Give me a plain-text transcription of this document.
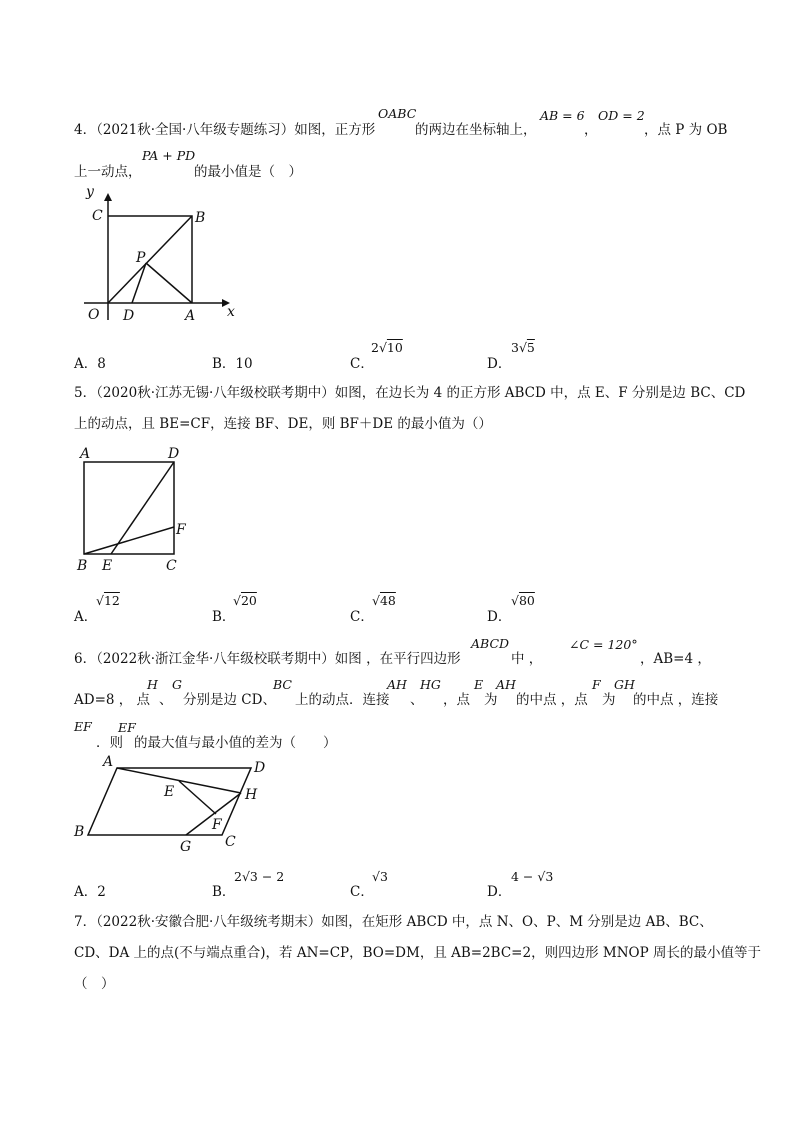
4．（2021秋·全国·八年级专题练习）如图，正方形
OABC
的两边在坐标轴上，
AB = 6
，
OD = 2
，点 P 为 OB
上一动点，
PA + PD
的最小值是（　）
y
C	B
P
O D	A x
A．8	B．10	C．
2√10
D．
3√5
5．（2020秋·江苏无锡·八年级校联考期中）如图，在边长为 4 的正方形 ABCD 中，点 E、F 分别是边 BC、CD
上的动点，且 BE=CF，连接 BF、DE，则 BF＋DE 的最小值为（）
A	D
F
B E	C
A．
√12
B．
√20
C．
√48
D．
√80
6．（2022秋·浙江金华·八年级校联考期中）如图 ，在平行四边形
ABCD
中 ，
∠C = 120°
，AB=4 ，
AD=8 ， 点
H
、
G
分别是边 CD、
BC
上的动点．连接
AH
、
HG
，点
E
为
AH
的中点 ，点
F
为
GH
的中点 ，连接
EF
．则
EF
的最大值与最小值的差为（　　）
A	D
E	H
F
B
G C
A．2	B．
2√3 − 2
C．
√3
D．
4 − √3
7．（2022秋·安徽合肥·八年级统考期末）如图，在矩形 ABCD 中，点 N、O、P、M 分别是边 AB、BC、
CD、DA 上的点(不与端点重合)，若 AN=CP，BO=DM，且 AB=2BC=2，则四边形 MNOP 周长的最小值等于
（　）
